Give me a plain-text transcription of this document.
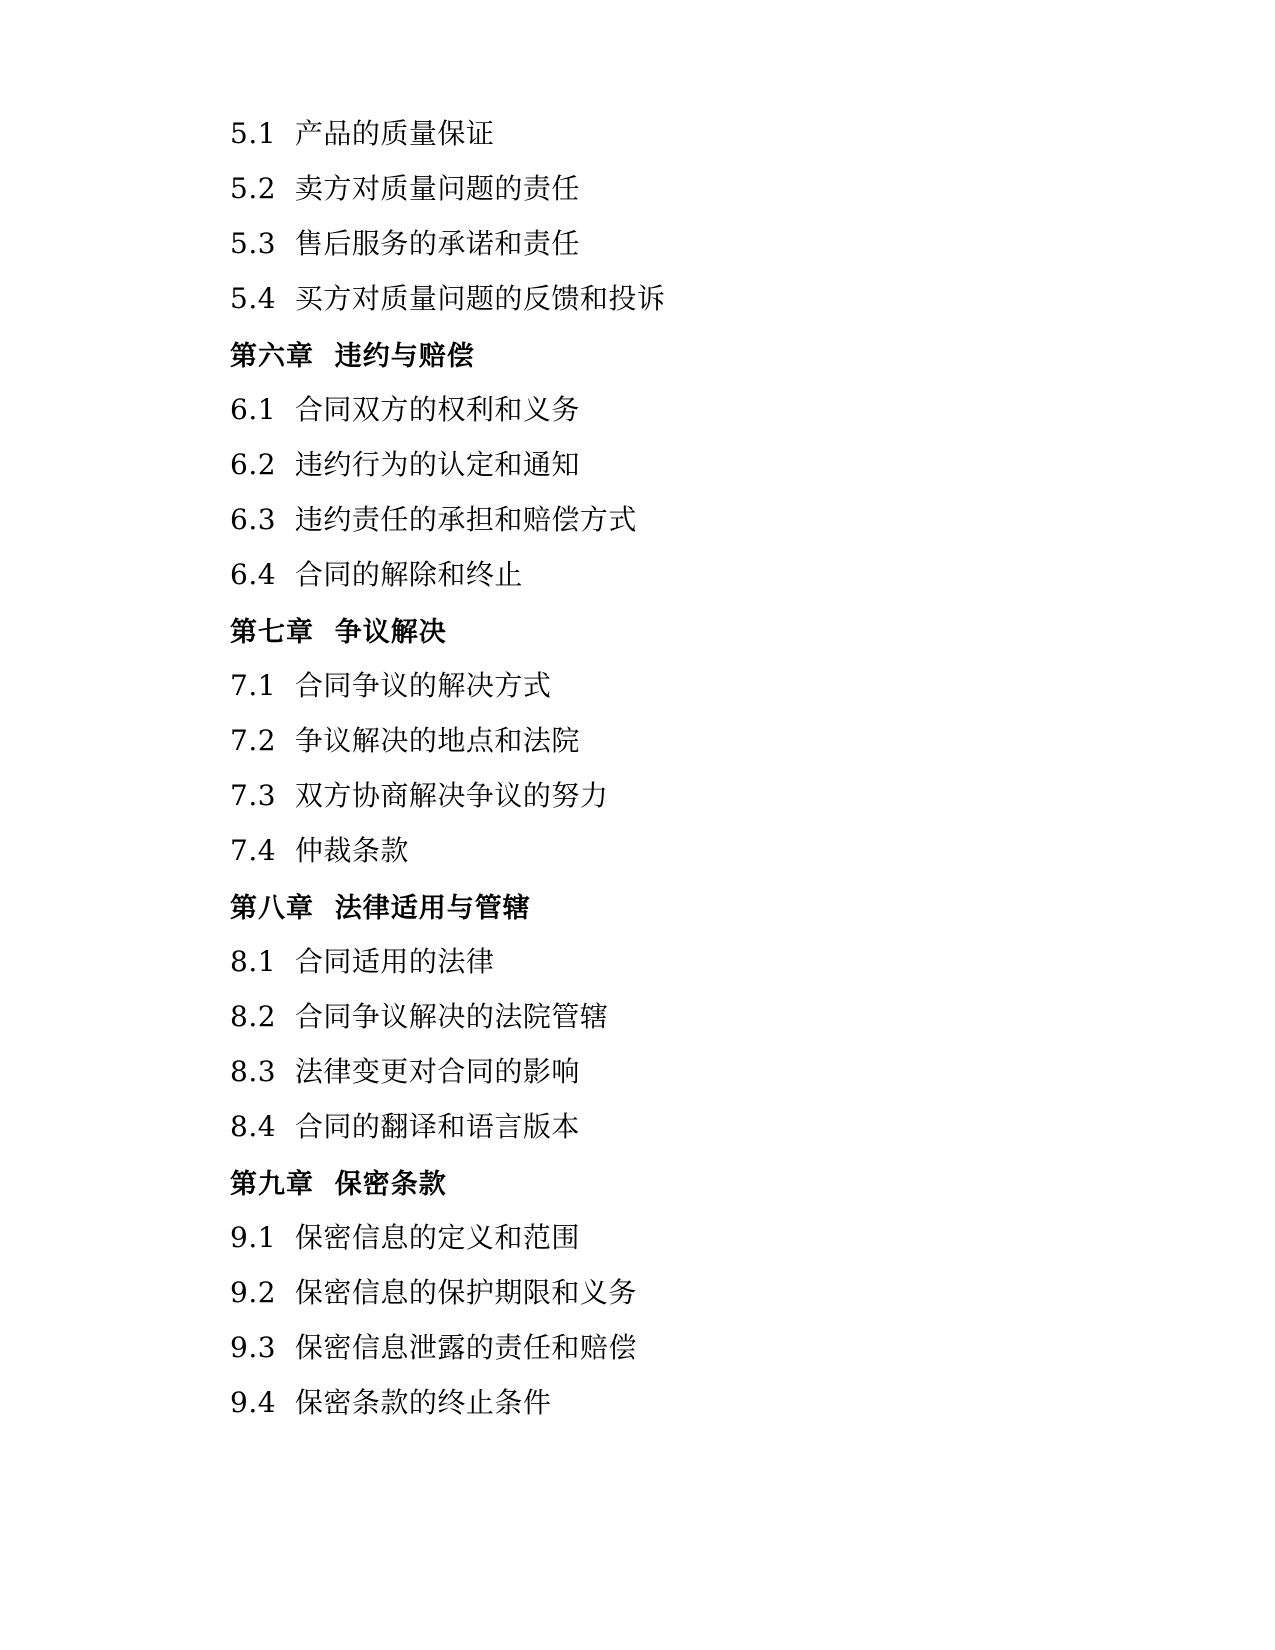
5.1  产品的质量保证
5.2  卖方对质量问题的责任
5.3  售后服务的承诺和责任
5.4  买方对质量问题的反馈和投诉
第六章  违约与赔偿
6.1  合同双方的权利和义务
6.2  违约行为的认定和通知
6.3  违约责任的承担和赔偿方式
6.4  合同的解除和终止
第七章  争议解决
7.1  合同争议的解决方式
7.2  争议解决的地点和法院
7.3  双方协商解决争议的努力
7.4  仲裁条款
第八章  法律适用与管辖
8.1  合同适用的法律
8.2  合同争议解决的法院管辖
8.3  法律变更对合同的影响
8.4  合同的翻译和语言版本
第九章  保密条款
9.1  保密信息的定义和范围
9.2  保密信息的保护期限和义务
9.3  保密信息泄露的责任和赔偿
9.4  保密条款的终止条件
